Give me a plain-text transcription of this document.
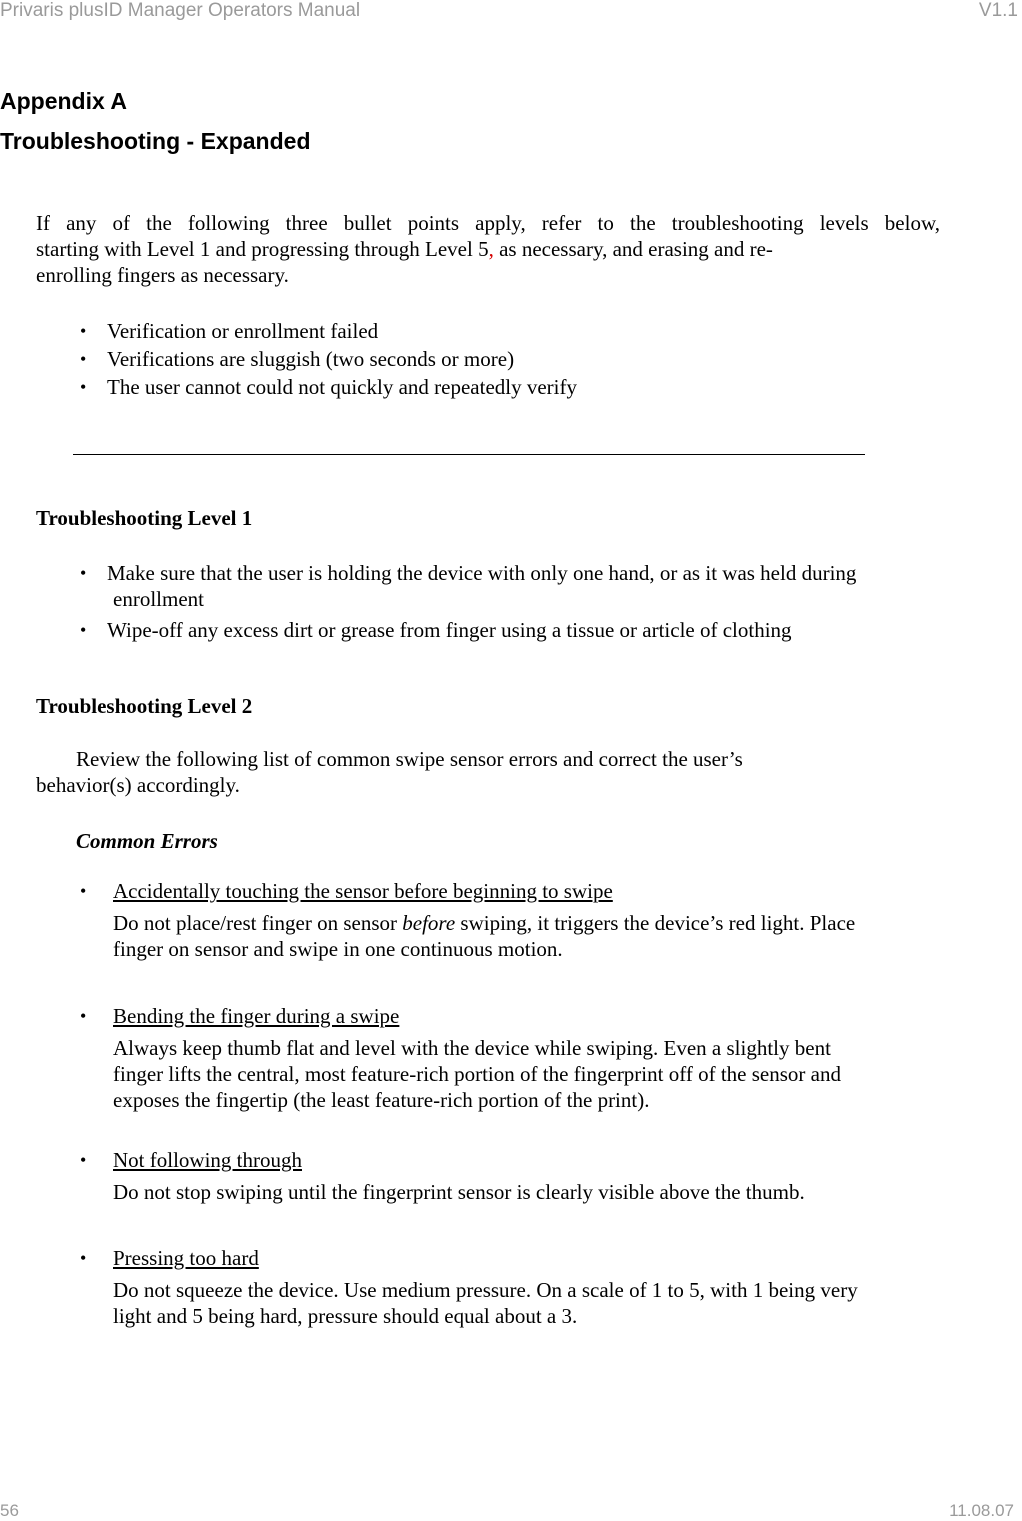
Privaris plusID Manager Operators Manual	V1.1
Appendix A
Troubleshooting - Expanded
If any of the following three bullet points apply, refer to the troubleshooting levels below,
starting with Level 1 and progressing through Level 5, as necessary, and erasing and re-
enrolling fingers as necessary.
• Verification or enrollment failed
• Verifications are sluggish (two seconds or more)
• The user cannot could not quickly and repeatedly verify
Troubleshooting Level 1
• Make sure that the user is holding the device with only one hand, or as it was held during
enrollment
• Wipe-off any excess dirt or grease from finger using a tissue or article of clothing
Troubleshooting Level 2
Review the following list of common swipe sensor errors and correct the user’s
behavior(s) accordingly.
Common Errors
• Accidentally touching the sensor before beginning to swipe
Do not place/rest finger on sensor before swiping, it triggers the device’s red light. Place
finger on sensor and swipe in one continuous motion.
• Bending the finger during a swipe
Always keep thumb flat and level with the device while swiping. Even a slightly bent
finger lifts the central, most feature-rich portion of the fingerprint off of the sensor and
exposes the fingertip (the least feature-rich portion of the print).
• Not following through
Do not stop swiping until the fingerprint sensor is clearly visible above the thumb.
• Pressing too hard
Do not squeeze the device. Use medium pressure. On a scale of 1 to 5, with 1 being very
light and 5 being hard, pressure should equal about a 3.
56	11.08.07
